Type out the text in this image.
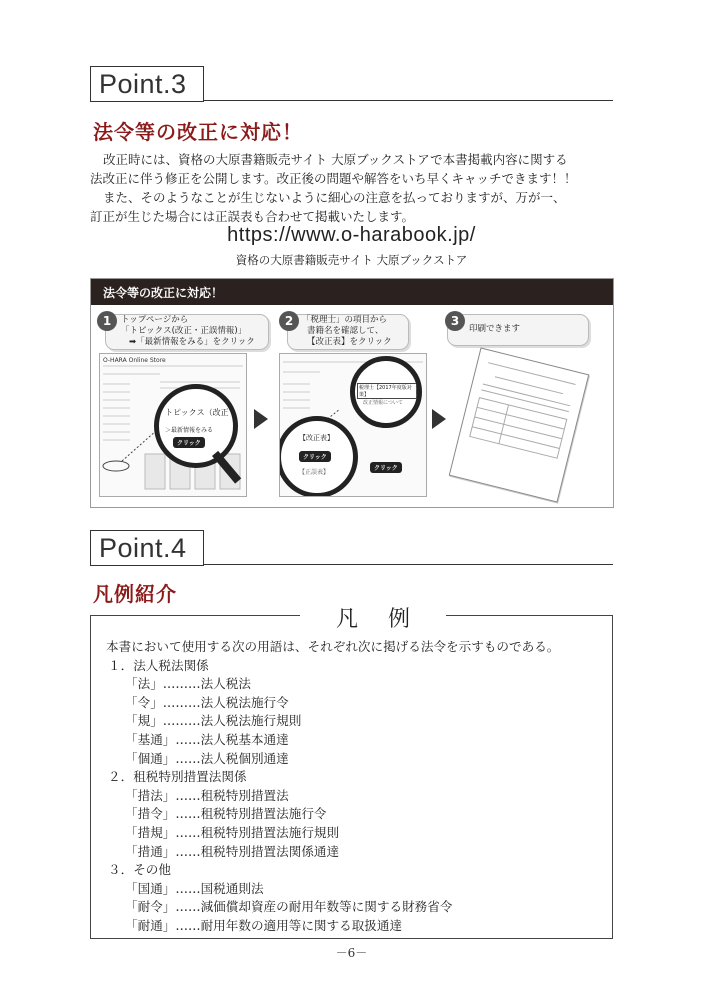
Point.3
法令等の改正に対応！
改正時には、資格の大原書籍販売サイト 大原ブックストアで本書掲載内容に関する
法改正に伴う修正を公開します。改正後の問題や解答をいち早くキャッチできます！！
また、そのようなことが生じないように細心の注意を払っておりますが、万が一、
訂正が生じた場合には正誤表も合わせて掲載いたします。
https://www.o-harabook.jp/
資格の大原書籍販売サイト 大原ブックストア
法令等の改正に対応！
1	トップページから
「トピックス(改正・正誤情報)」
➡「最新情報をみる」をクリック
2	「税理士」の項目から
書籍名を確認して、
【改正表】をクリック
3
印刷できます
O-HARA Online Store
トピックス（改正
＞最新情報をみる
クリック
税理士【2017年度版対策】
改正情報について
【改正表】
クリック
【正誤表】
クリック
Point.4
凡例紹介
凡例
本書において使用する次の用語は、それぞれ次に掲げる法令を示すものである。
１．法人税法関係
「法」………法人税法
「令」………法人税法施行令
「規」………法人税法施行規則
「基通」……法人税基本通達
「個通」……法人税個別通達
２．租税特別措置法関係
「措法」……租税特別措置法
「措令」……租税特別措置法施行令
「措規」……租税特別措置法施行規則
「措通」……租税特別措置法関係通達
３．その他
「国通」……国税通則法
「耐令」……減価償却資産の耐用年数等に関する財務省令
「耐通」……耐用年数の適用等に関する取扱通達
－6－
